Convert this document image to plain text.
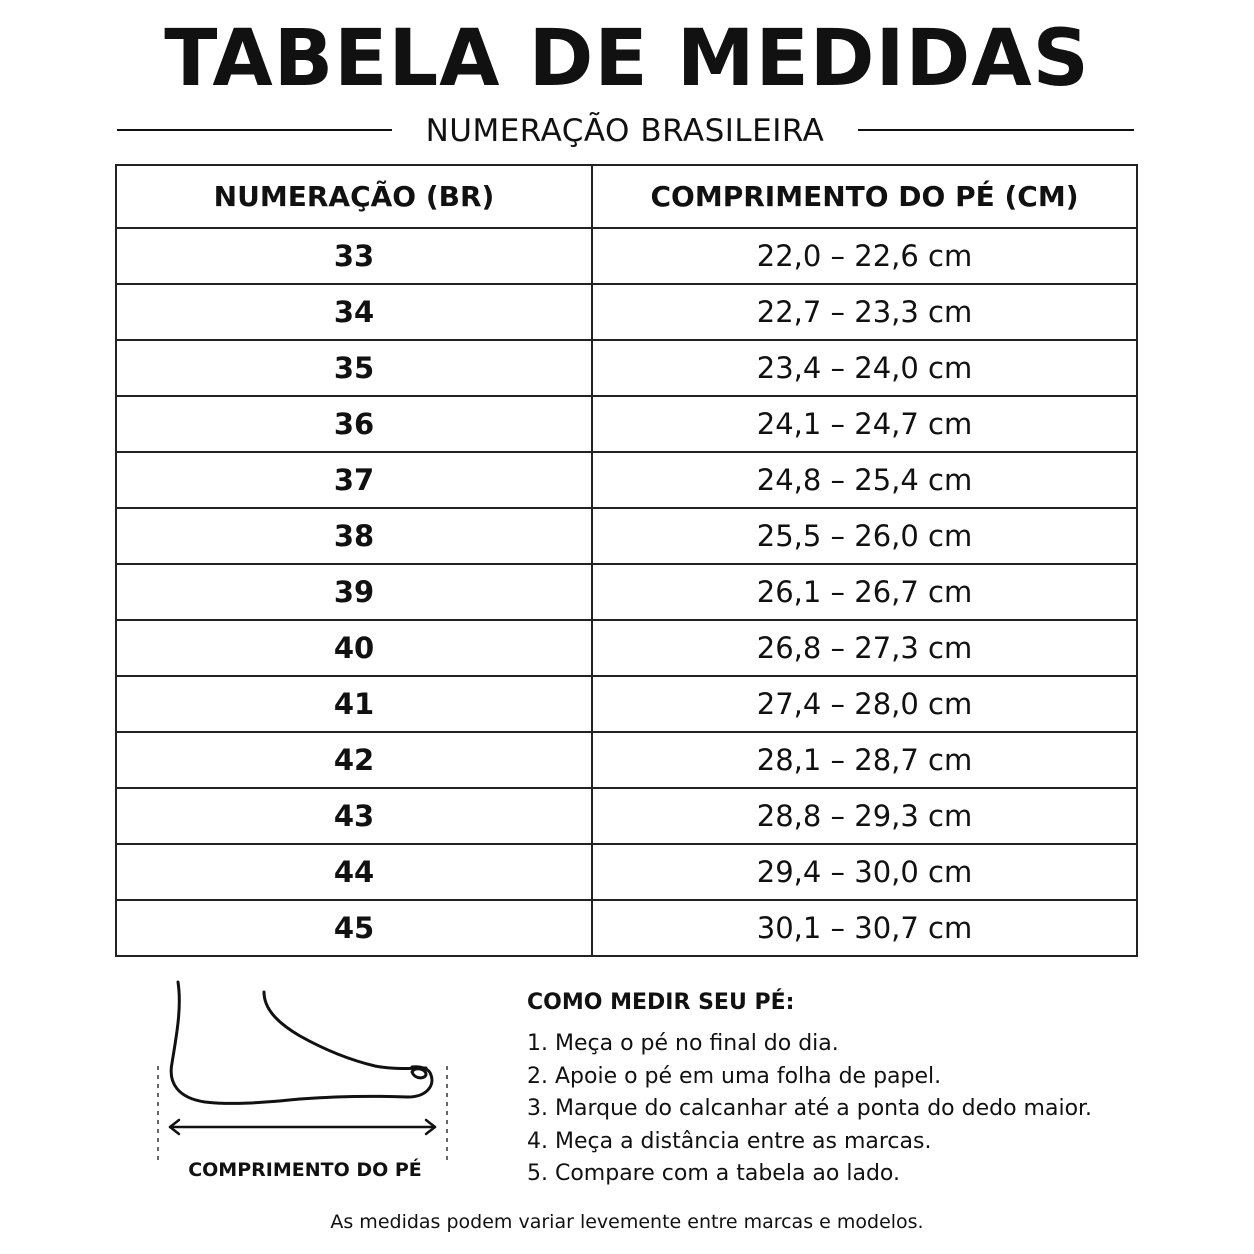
TABELA DE MEDIDAS
NUMERAÇÃO BRASILEIRA
NUMERAÇÃO (BR)	COMPRIMENTO DO PÉ (CM)
33	22,0 – 22,6 cm
34	22,7 – 23,3 cm
35	23,4 – 24,0 cm
36	24,1 – 24,7 cm
37	24,8 – 25,4 cm
38	25,5 – 26,0 cm
39	26,1 – 26,7 cm
40	26,8 – 27,3 cm
41	27,4 – 28,0 cm
42	28,1 – 28,7 cm
43	28,8 – 29,3 cm
44	29,4 – 30,0 cm
45	30,1 – 30,7 cm
COMPRIMENTO DO PÉ
COMO MEDIR SEU PÉ:
1. Meça o pé no final do dia.
2. Apoie o pé em uma folha de papel.
3. Marque do calcanhar até a ponta do dedo maior.
4. Meça a distância entre as marcas.
5. Compare com a tabela ao lado.
As medidas podem variar levemente entre marcas e modelos.
